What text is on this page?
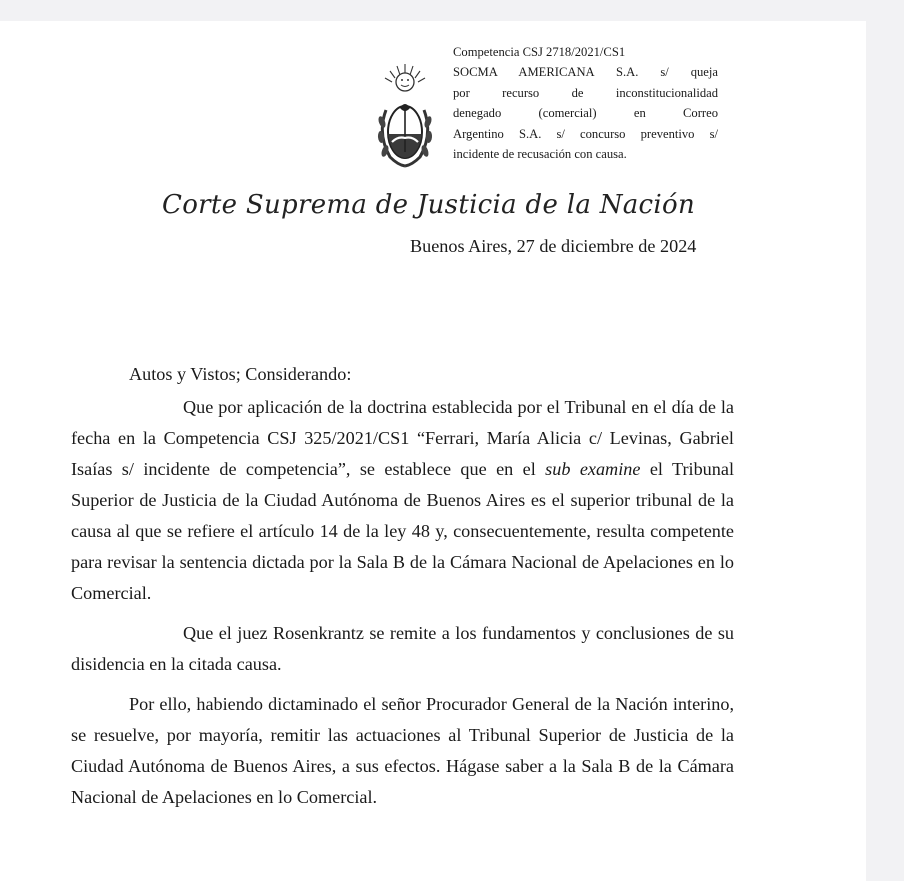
Competencia CSJ 2718/2021/CS1
SOCMA AMERICANA S.A. s/ queja
por recurso de inconstitucionalidad
denegado (comercial) en Correo
Argentino S.A. s/ concurso preventivo s/
incidente de recusación con causa.
Corte Suprema de Justicia de la Nación
Buenos Aires, 27 de diciembre de 2024

Autos y Vistos; Considerando:

Que por aplicación de la doctrina establecida por el Tribunal en el día de la fecha en la Competencia CSJ 325/2021/CS1 “Ferrari, María Alicia c/ Levinas, Gabriel Isaías s/ incidente de competencia”, se establece que en el sub examine el Tribunal Superior de Justicia de la Ciudad Autónoma de Buenos Aires es el superior tribunal de la causa al que se refiere el artículo 14 de la ley 48 y, consecuentemente, resulta competente para revisar la sentencia dictada por la Sala B de la Cámara Nacional de Apelaciones en lo Comercial.

Que el juez Rosenkrantz se remite a los fundamentos y conclusiones de su disidencia en la citada causa.

Por ello, habiendo dictaminado el señor Procurador General de la Nación interino, se resuelve, por mayoría, remitir las actuaciones al Tribunal Superior de Justicia de la Ciudad Autónoma de Buenos Aires, a sus efectos. Hágase saber a la Sala B de la Cámara Nacional de Apelaciones en lo Comercial.
